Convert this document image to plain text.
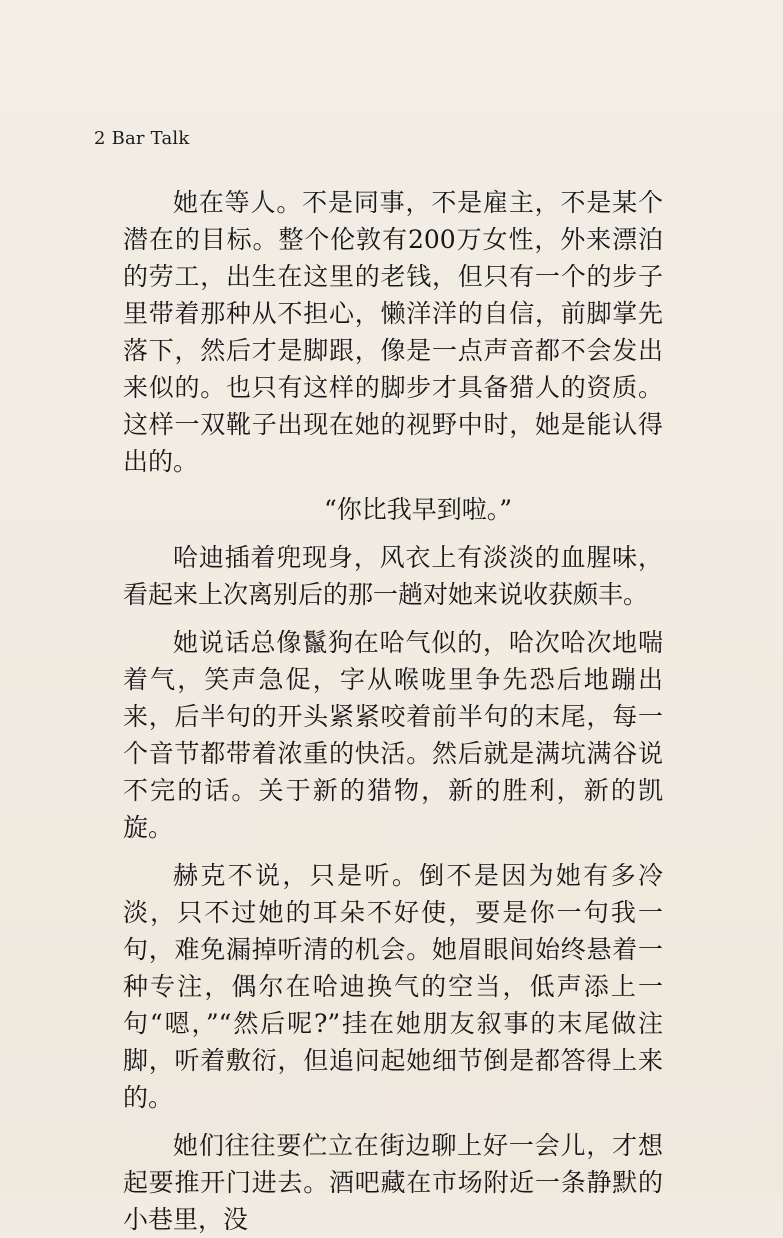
2 Bar Talk

她在等人。不是同事，不是雇主，不是某个潜在的目标。整个伦敦有200万女性，外来漂泊的劳工，出生在这里的老钱，但只有一个的步子里带着那种从不担心，懒洋洋的自信，前脚掌先落下，然后才是脚跟，像是一点声音都不会发出来似的。也只有这样的脚步才具备猎人的资质。这样一双靴子出现在她的视野中时，她是能认得出的。

“你比我早到啦。”

哈迪插着兜现身，风衣上有淡淡的血腥味，看起来上次离别后的那一趟对她来说收获颇丰。

她说话总像鬣狗在哈气似的，哈次哈次地喘着气，笑声急促，字从喉咙里争先恐后地蹦出来，后半句的开头紧紧咬着前半句的末尾，每一个音节都带着浓重的快活。然后就是满坑满谷说不完的话。关于新的猎物，新的胜利，新的凯旋。

赫克不说，只是听。倒不是因为她有多冷淡，只不过她的耳朵不好使，要是你一句我一句，难免漏掉听清的机会。她眉眼间始终悬着一种专注，偶尔在哈迪换气的空当，低声添上一句“嗯，”“然后呢?”挂在她朋友叙事的末尾做注脚，听着敷衍，但追问起她细节倒是都答得上来的。

她们往往要伫立在街边聊上好一会儿，才想起要推开门进去。酒吧藏在市场附近一条静默的小巷里，没
